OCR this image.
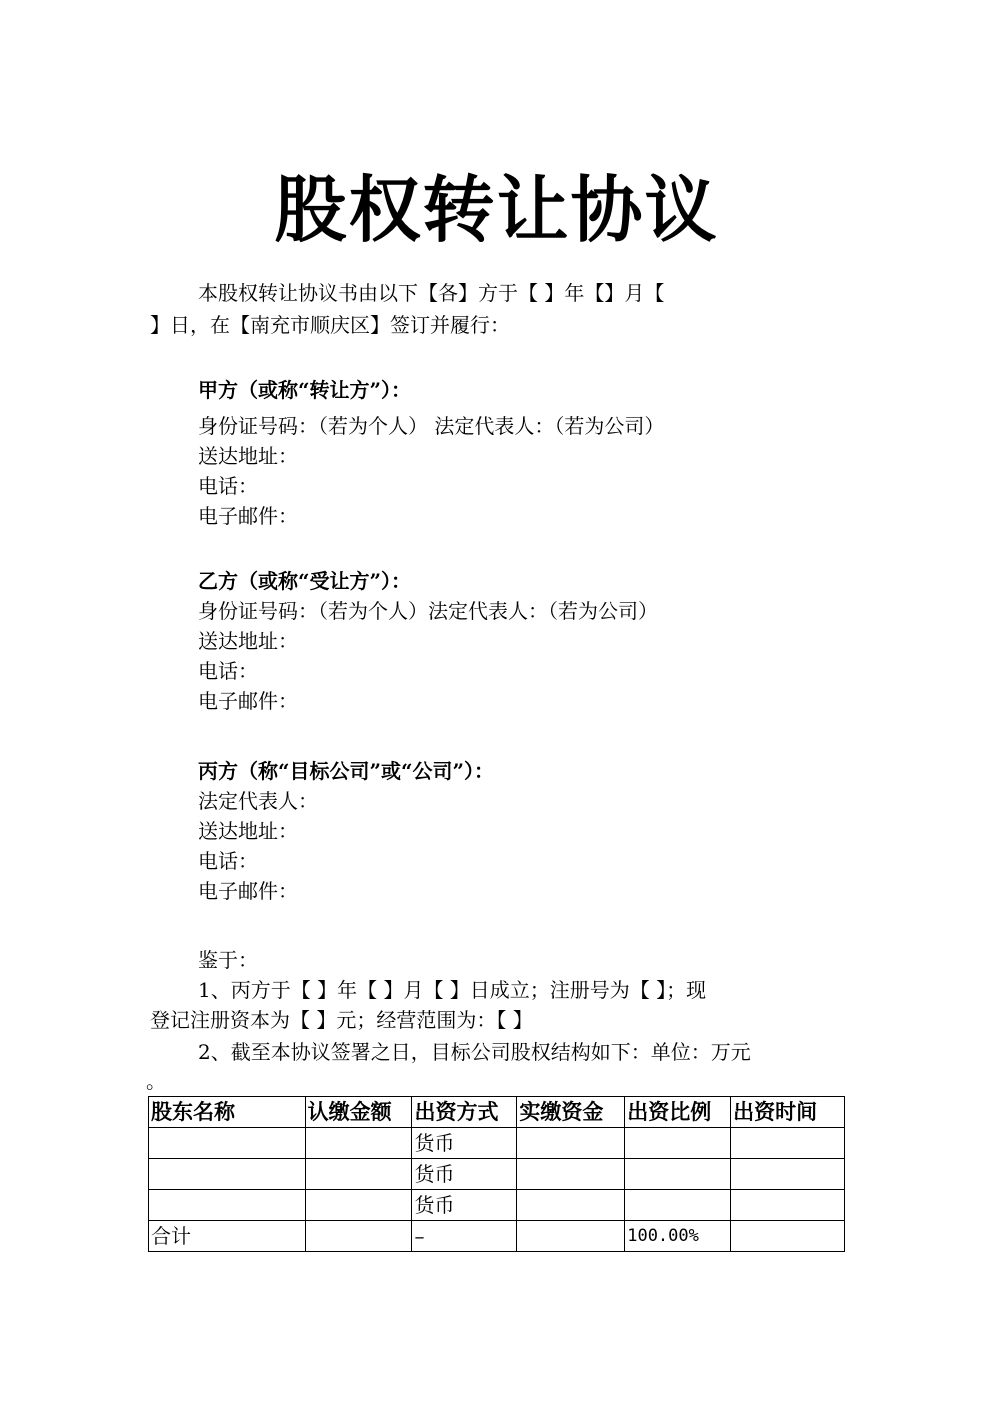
股权转让协议
本股权转让协议书由以下【各】方于【 】年【】月【
】日，在【南充市顺庆区】签订并履行：
甲方（或称“转让方”）：
身份证号码：（若为个人） 法定代表人：（若为公司）
送达地址：
电话：
电子邮件：
乙方（或称“受让方”）：
身份证号码：（若为个人）法定代表人：（若为公司）
送达地址：
电话：
电子邮件：
丙方（称“目标公司”或“公司”）：
法定代表人：
送达地址：
电话：
电子邮件：
鉴于：
1、丙方于【 】年【 】月【 】日成立；注册号为【 】；现
登记注册资本为【 】元；经营范围为：【 】
2、截至本协议签署之日，目标公司股权结构如下：单位：万元
。
股东名称	认缴金额	出资方式	实缴资金	出资比例	出资时间
		货币			
		货币			
		货币			
合计		–		100.00%	
